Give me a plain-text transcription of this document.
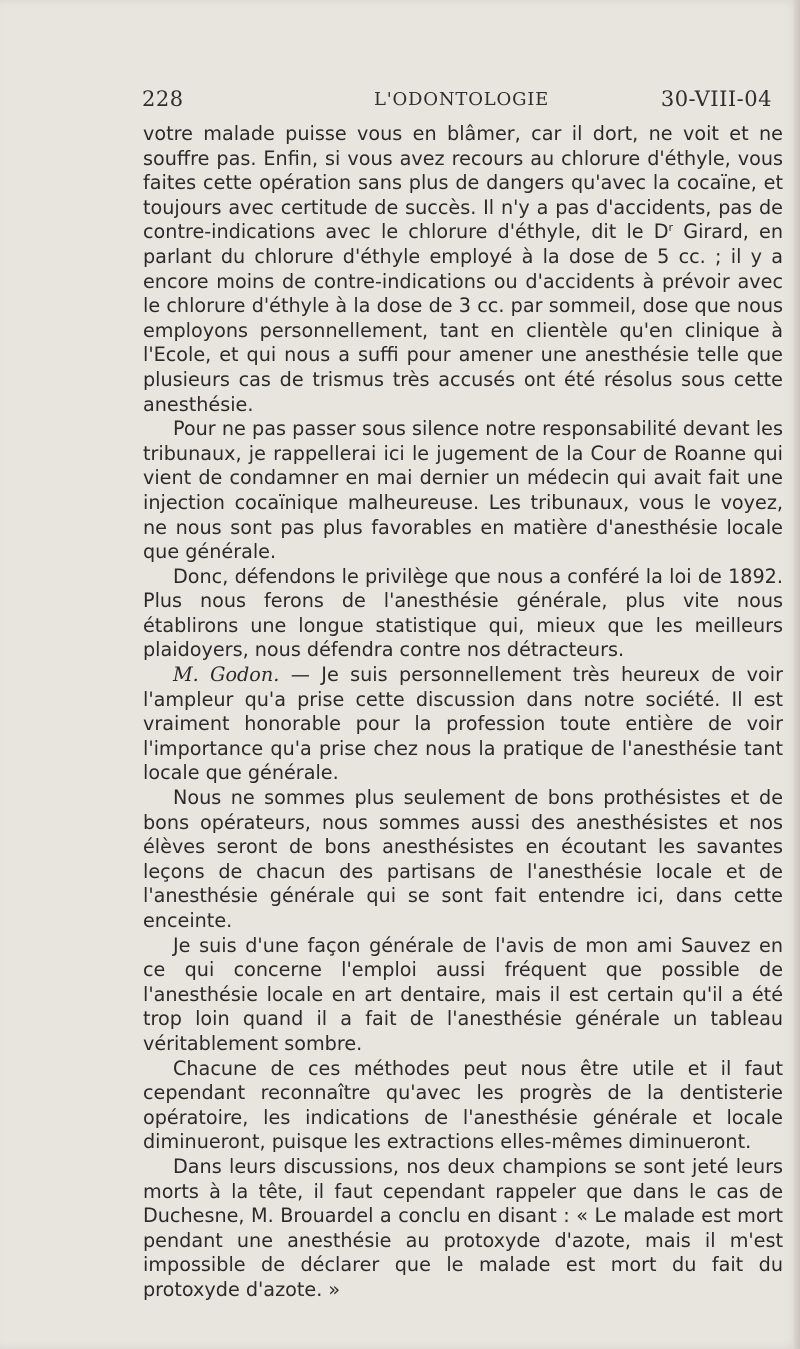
228	L'ODONTOLOGIE	30-VIII-04

votre malade puisse vous en blâmer, car il dort, ne voit et ne souffre pas. Enfin, si vous avez recours au chlorure d'éthyle, vous faites cette opération sans plus de dangers qu'avec la cocaïne, et toujours avec certitude de succès. Il n'y a pas d'accidents, pas de contre-indications avec le chlorure d'éthyle, dit le $D^r$ Girard, en parlant du chlorure d'éthyle employé à la dose de 5 cc. ; il y a encore moins de contre-indications ou d'accidents à prévoir avec le chlorure d'éthyle à la dose de 3 cc. par sommeil, dose que nous employons personnellement, tant en clientèle qu'en clinique à l'Ecole, et qui nous a suffi pour amener une anesthésie telle que plusieurs cas de trismus très accusés ont été résolus sous cette anesthésie.

Pour ne pas passer sous silence notre responsabilité devant les tribunaux, je rappellerai ici le jugement de la Cour de Roanne qui vient de condamner en mai dernier un médecin qui avait fait une injection cocaïnique malheureuse. Les tribunaux, vous le voyez, ne nous sont pas plus favorables en matière d'anesthésie locale que générale.

Donc, défendons le privilège que nous a conféré la loi de 1892. Plus nous ferons de l'anesthésie générale, plus vite nous établirons une longue statistique qui, mieux que les meilleurs plaidoyers, nous défendra contre nos détracteurs.

M. Godon. — Je suis personnellement très heureux de voir l'ampleur qu'a prise cette discussion dans notre société. Il est vraiment honorable pour la profession toute entière de voir l'importance qu'a prise chez nous la pratique de l'anesthésie tant locale que générale.

Nous ne sommes plus seulement de bons prothésistes et de bons opérateurs, nous sommes aussi des anesthésistes et nos élèves seront de bons anesthésistes en écoutant les savantes leçons de chacun des partisans de l'anesthésie locale et de l'anesthésie générale qui se sont fait entendre ici, dans cette enceinte.

Je suis d'une façon générale de l'avis de mon ami Sauvez en ce qui concerne l'emploi aussi fréquent que possible de l'anesthésie locale en art dentaire, mais il est certain qu'il a été trop loin quand il a fait de l'anesthésie générale un tableau véritablement sombre.

Chacune de ces méthodes peut nous être utile et il faut cependant reconnaître qu'avec les progrès de la dentisterie opératoire, les indications de l'anesthésie générale et locale diminueront, puisque les extractions elles-mêmes diminueront.

Dans leurs discussions, nos deux champions se sont jeté leurs morts à la tête, il faut cependant rappeler que dans le cas de Duchesne, M. Brouardel a conclu en disant : « Le malade est mort pendant une anesthésie au protoxyde d'azote, mais il m'est impossible de déclarer que le malade est mort du fait du protoxyde d'azote. »
